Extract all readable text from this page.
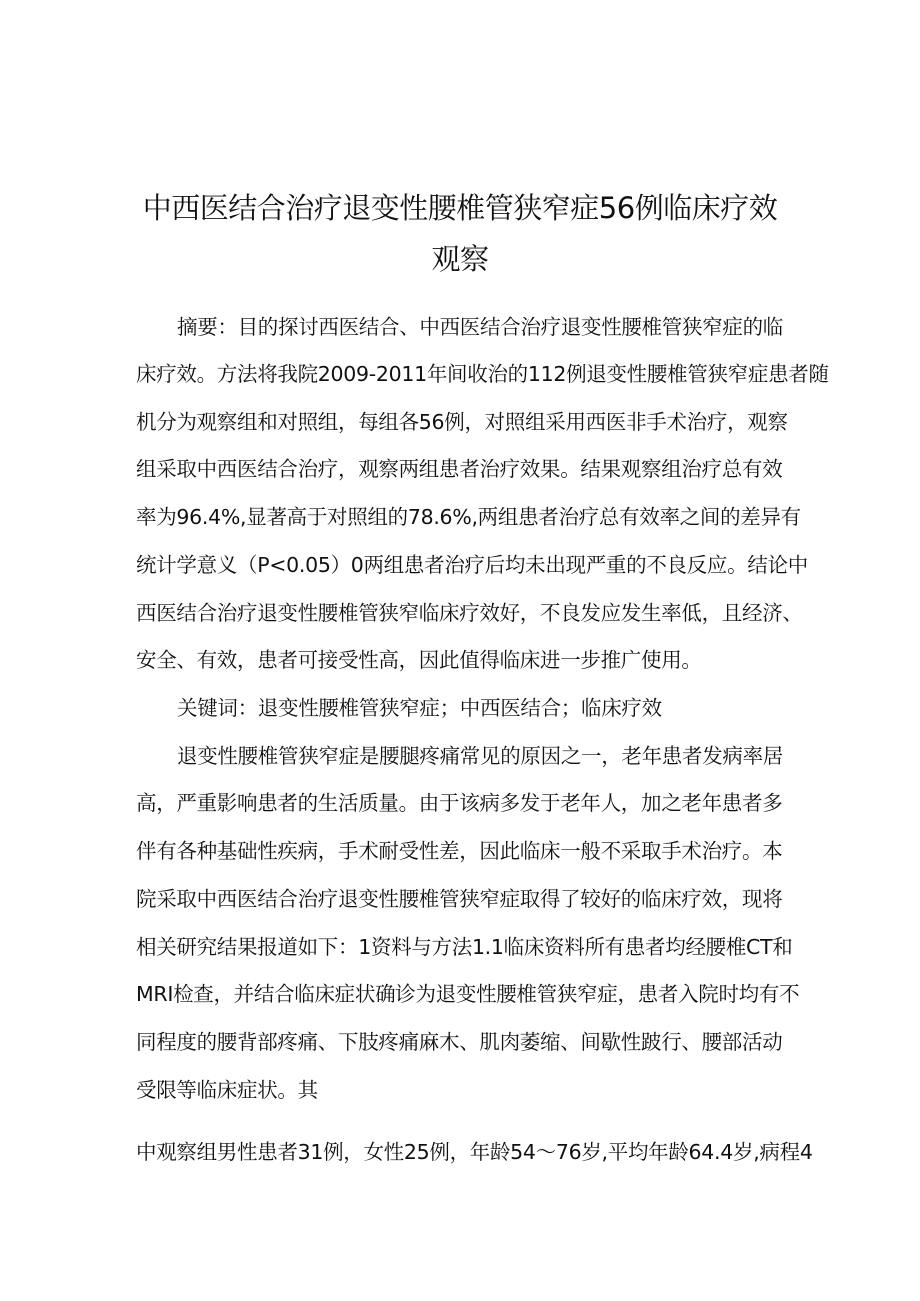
中西医结合治疗退变性腰椎管狭窄症56例临床疗效
观察
摘要：目的探讨西医结合、中西医结合治疗退变性腰椎管狭窄症的临
床疗效。方法将我院2009-2011年间收治的112例退变性腰椎管狭窄症患者随
机分为观察组和对照组，每组各56例，对照组采用西医非手术治疗，观察
组采取中西医结合治疗，观察两组患者治疗效果。结果观察组治疗总有效
率为96.4%,显著高于对照组的78.6%,两组患者治疗总有效率之间的差异有
统计学意义（P<0.05）0两组患者治疗后均未出现严重的不良反应。结论中
西医结合治疗退变性腰椎管狭窄临床疗效好，不良发应发生率低，且经济、
安全、有效，患者可接受性高，因此值得临床进一步推广使用。
关键词：退变性腰椎管狭窄症；中西医结合；临床疗效
退变性腰椎管狭窄症是腰腿疼痛常见的原因之一，老年患者发病率居
高，严重影响患者的生活质量。由于该病多发于老年人，加之老年患者多
伴有各种基础性疾病，手术耐受性差，因此临床一般不采取手术治疗。本
院采取中西医结合治疗退变性腰椎管狭窄症取得了较好的临床疗效，现将
相关研究结果报道如下：1资料与方法1.1临床资料所有患者均经腰椎CT和
MRI检查，并结合临床症状确诊为退变性腰椎管狭窄症，患者入院时均有不
同程度的腰背部疼痛、下肢疼痛麻木、肌肉萎缩、间歇性跛行、腰部活动
受限等临床症状。其
中观察组男性患者31例，女性25例，年龄54～76岁,平均年龄64.4岁,病程4
